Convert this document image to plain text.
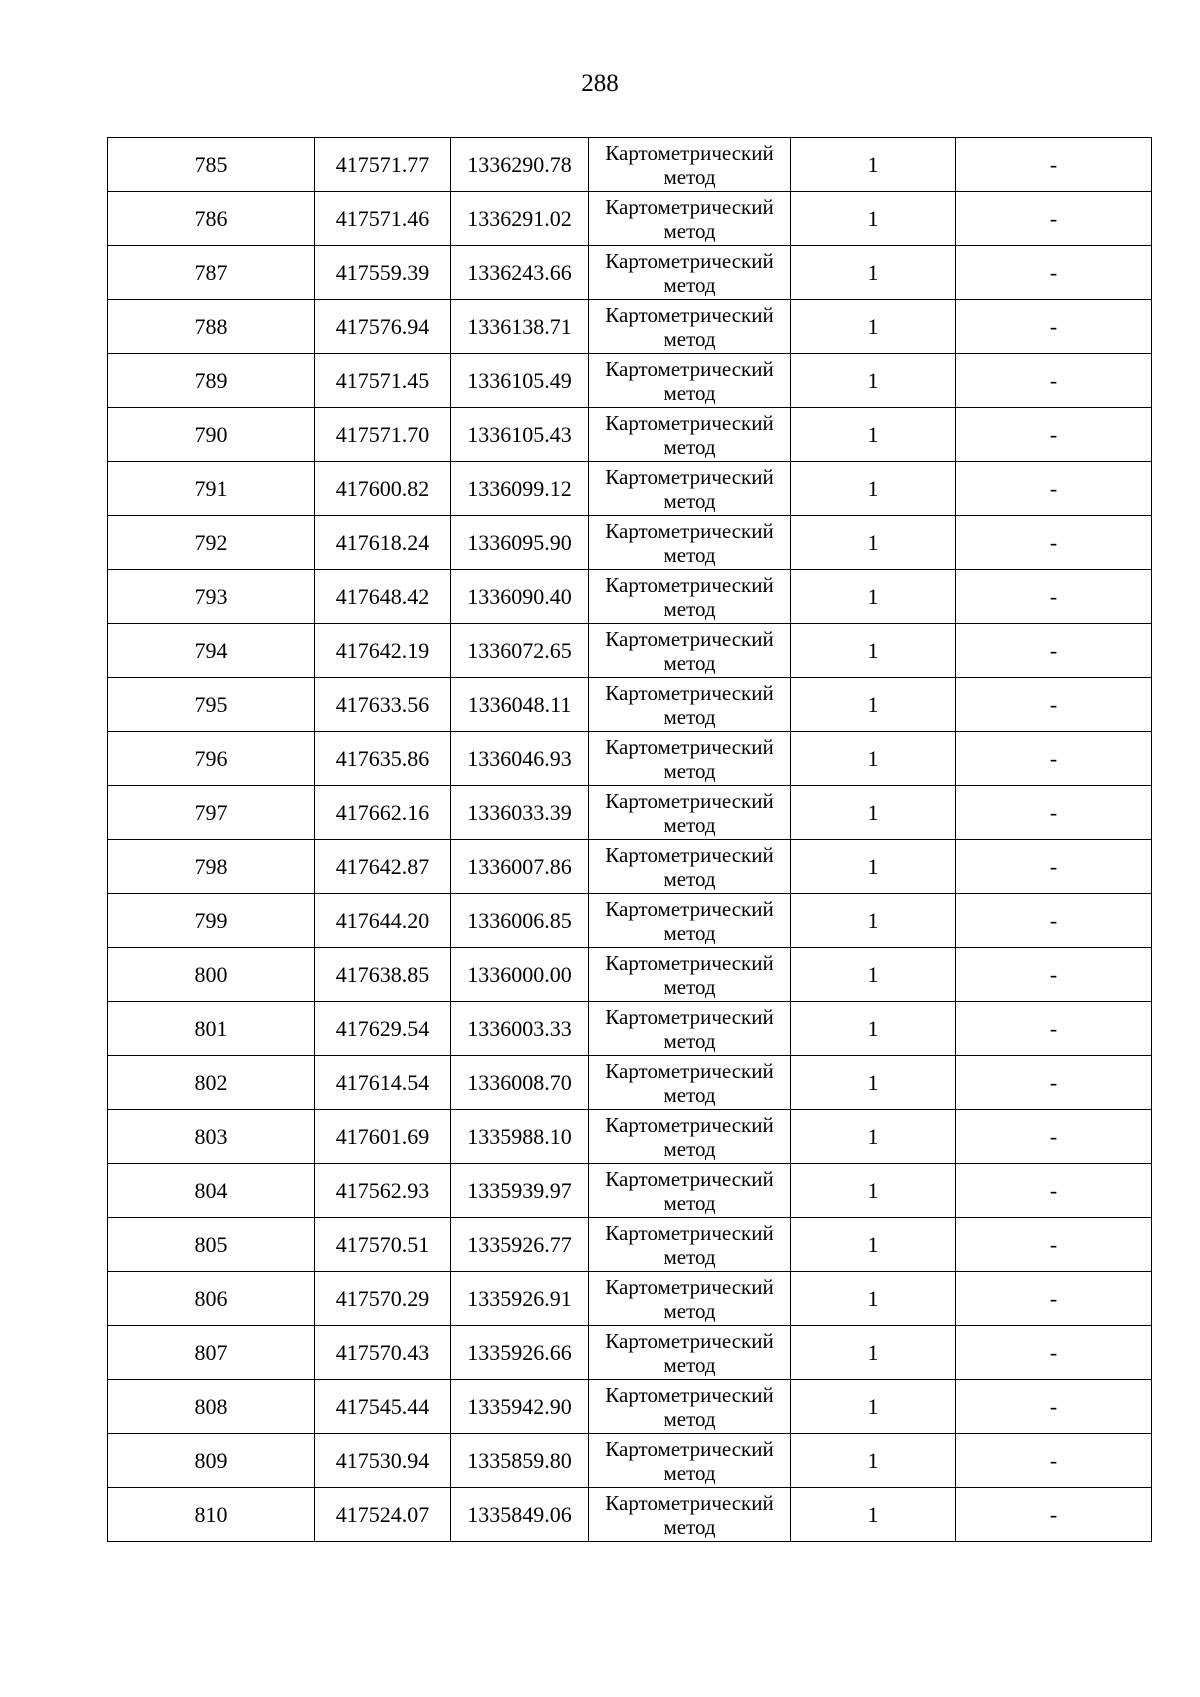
288
785	417571.77	1336290.78	Картометрический метод	1	-
786	417571.46	1336291.02	Картометрический метод	1	-
787	417559.39	1336243.66	Картометрический метод	1	-
788	417576.94	1336138.71	Картометрический метод	1	-
789	417571.45	1336105.49	Картометрический метод	1	-
790	417571.70	1336105.43	Картометрический метод	1	-
791	417600.82	1336099.12	Картометрический метод	1	-
792	417618.24	1336095.90	Картометрический метод	1	-
793	417648.42	1336090.40	Картометрический метод	1	-
794	417642.19	1336072.65	Картометрический метод	1	-
795	417633.56	1336048.11	Картометрический метод	1	-
796	417635.86	1336046.93	Картометрический метод	1	-
797	417662.16	1336033.39	Картометрический метод	1	-
798	417642.87	1336007.86	Картометрический метод	1	-
799	417644.20	1336006.85	Картометрический метод	1	-
800	417638.85	1336000.00	Картометрический метод	1	-
801	417629.54	1336003.33	Картометрический метод	1	-
802	417614.54	1336008.70	Картометрический метод	1	-
803	417601.69	1335988.10	Картометрический метод	1	-
804	417562.93	1335939.97	Картометрический метод	1	-
805	417570.51	1335926.77	Картометрический метод	1	-
806	417570.29	1335926.91	Картометрический метод	1	-
807	417570.43	1335926.66	Картометрический метод	1	-
808	417545.44	1335942.90	Картометрический метод	1	-
809	417530.94	1335859.80	Картометрический метод	1	-
810	417524.07	1335849.06	Картометрический метод	1	-
